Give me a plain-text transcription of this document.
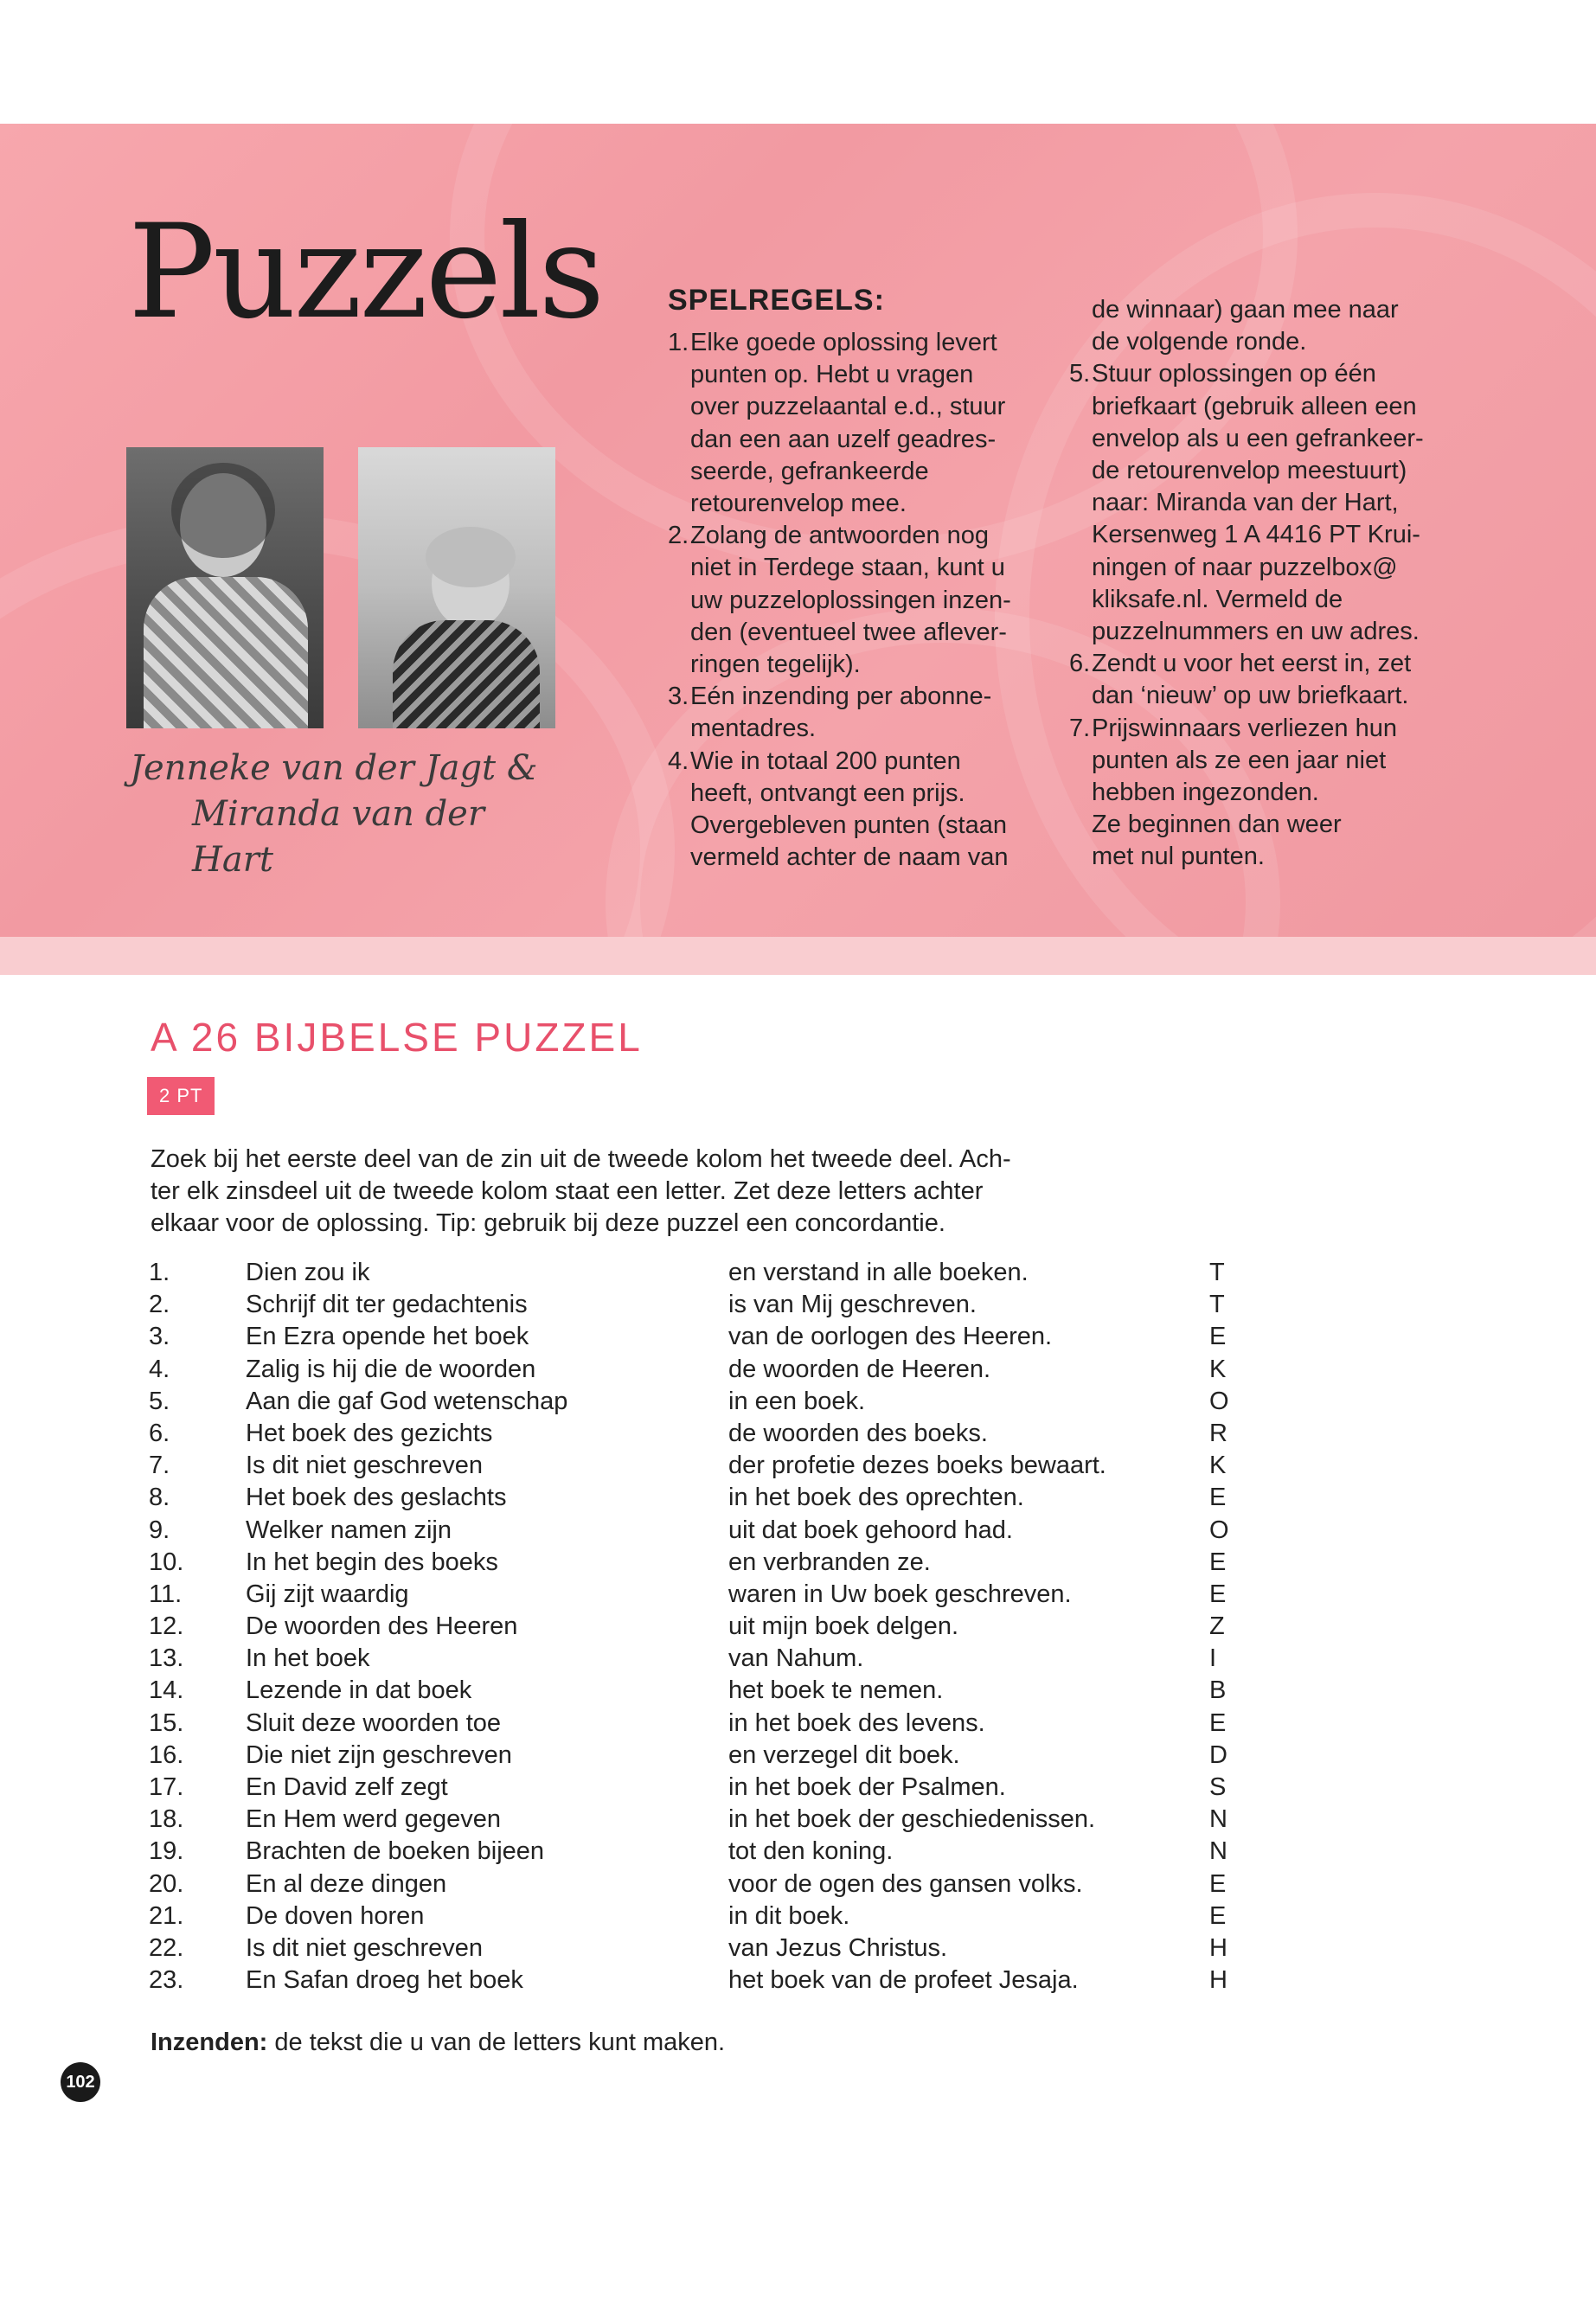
Puzzels
Jenneke van der Jagt &
Miranda van der Hart
SPELREGELS:
1. Elke goede oplossing levert
punten op. Hebt u vragen
over puzzelaantal e.d., stuur
dan een aan uzelf geadres-
seerde, gefrankeerde
retourenvelop mee.
2. Zolang de antwoorden nog
niet in Terdege staan, kunt u
uw puzzeloplossingen inzen-
den (eventueel twee aflever-
ringen tegelijk).
3. Eén inzending per abonne-
mentadres.
4. Wie in totaal 200 punten
heeft, ontvangt een prijs.
Overgebleven punten (staan
vermeld achter de naam van
de winnaar) gaan mee naar
de volgende ronde.
5. Stuur oplossingen op één
briefkaart (gebruik alleen een
envelop als u een gefrankeer-
de retourenvelop meestuurt)
naar: Miranda van der Hart,
Kersenweg 1 A 4416 PT Krui-
ningen of naar puzzelbox@
kliksafe.nl. Vermeld de
puzzelnummers en uw adres.
6. Zendt u voor het eerst in, zet
dan ‘nieuw’ op uw briefkaart.
7. Prijswinnaars verliezen hun
punten als ze een jaar niet
hebben ingezonden.
Ze beginnen dan weer
met nul punten.
A 26 BIJBELSE PUZZEL
2 PT
Zoek bij het eerste deel van de zin uit de tweede kolom het tweede deel. Ach-
ter elk zinsdeel uit de tweede kolom staat een letter. Zet deze letters achter
elkaar voor de oplossing. Tip: gebruik bij deze puzzel een concordantie.
1.	Dien zou ik	en verstand in alle boeken.	T
2.	Schrijf dit ter gedachtenis	is van Mij geschreven.	T
3.	En Ezra opende het boek	van de oorlogen des Heeren.	E
4.	Zalig is hij die de woorden	de woorden de Heeren.	K
5.	Aan die gaf God wetenschap	in een boek.	O
6.	Het boek des gezichts	de woorden des boeks.	R
7.	Is dit niet geschreven	der profetie dezes boeks bewaart.	K
8.	Het boek des geslachts	in het boek des oprechten.	E
9.	Welker namen zijn	uit dat boek gehoord had.	O
10. In het begin des boeks	en verbranden ze.	E
11.	Gij zijt waardig	waren in Uw boek geschreven.	E
12. De woorden des Heeren	uit mijn boek delgen.	Z
13. In het boek	van Nahum.	I
14. Lezende in dat boek	het boek te nemen.	B
15. Sluit deze woorden toe	in het boek des levens.	E
16. Die niet zijn geschreven	en verzegel dit boek.	D
17. En David zelf zegt	in het boek der Psalmen.	S
18. En Hem werd gegeven	in het boek der geschiedenissen.	N
19. Brachten de boeken bijeen	tot den koning.	N
20. En al deze dingen	voor de ogen des gansen volks.	E
21. De doven horen	in dit boek.	E
22. Is dit niet geschreven	van Jezus Christus.	H
23. En Safan droeg het boek	het boek van de profeet Jesaja.	H
Inzenden: de tekst die u van de letters kunt maken.
102
